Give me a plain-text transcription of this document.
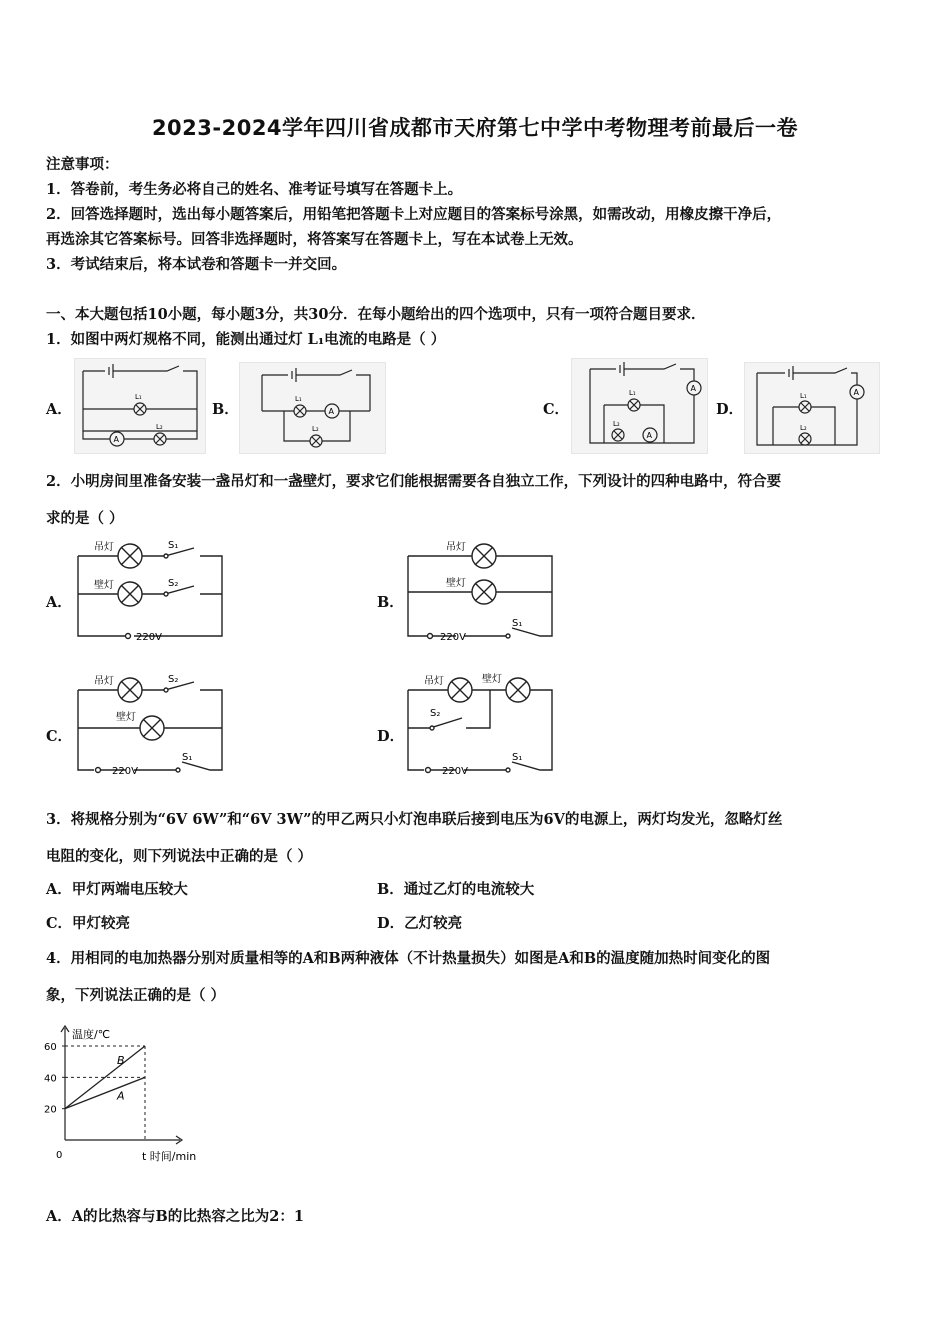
2023-2024学年四川省成都市天府第七中学中考物理考前最后一卷
注意事项：
1．答卷前，考生务必将自己的姓名、准考证号填写在答题卡上。
2．回答选择题时，选出每小题答案后，用铅笔把答题卡上对应题目的答案标号涂黑，如需改动，用橡皮擦干净后，
再选涂其它答案标号。回答非选择题时，将答案写在答题卡上，写在本试卷上无效。
3．考试结束后，将本试卷和答题卡一并交回。
一、本大题包括10小题，每小题3分，共30分．在每小题给出的四个选项中，只有一项符合题目要求．
1．如图中两灯规格不同，能测出通过灯 L₁电流的电路是（ ）
A．
L₁
L₂
A
B．
L₁
L₂
A	C．
L₁
L₂
A
A
D．
L₁
L₂
A
2．小明房间里准备安装一盏吊灯和一盏壁灯，要求它们能根据需要各自独立工作，下列设计的四种电路中，符合要
求的是（ ）
A．
吊灯
壁灯
S₁
S₂
220V
B．
吊灯
壁灯
S₁
220V
C．
吊灯
壁灯
S₂
S₁
220V
D．
吊灯	壁灯
S₂
S₁
220V
3．将规格分别为“6V 6W”和“6V 3W”的甲乙两只小灯泡串联后接到电压为6V的电源上，两灯均发光，忽略灯丝
电阻的变化，则下列说法中正确的是（ ）
A．甲灯两端电压较大	B．通过乙灯的电流较大
C．甲灯较亮	D．乙灯较亮
4．用相同的电加热器分别对质量相等的A和B两种液体（不计热量损失）如图是A和B的温度随加热时间变化的图
象，下列说法正确的是（ ）
20
40
60
A
B
温度/℃
t 时间/min
0
A．A的比热容与B的比热容之比为2：1
